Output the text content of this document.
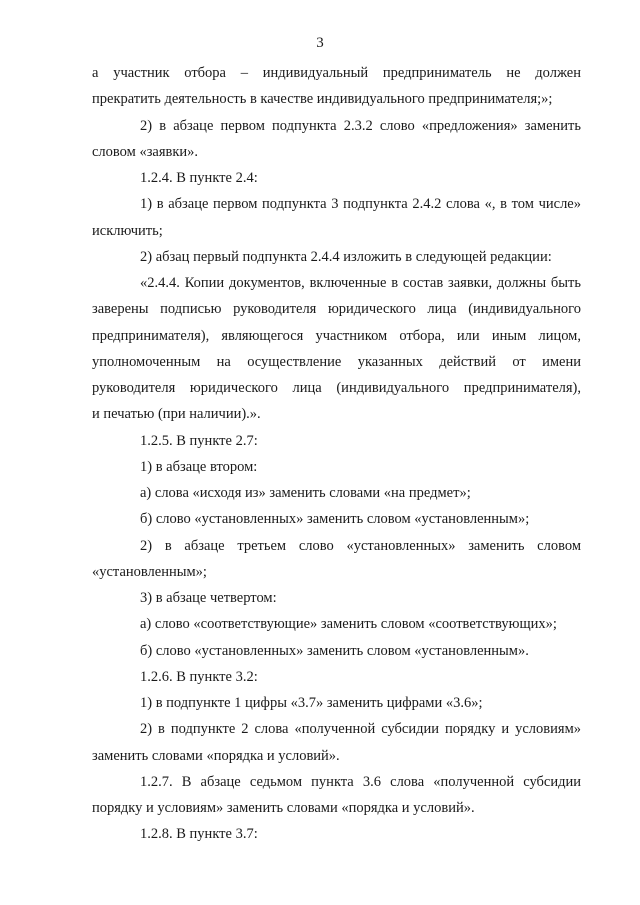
3
а участник отбора – индивидуальный предприниматель не должен
прекратить деятельность в качестве индивидуального предпринимателя;»;
2) в абзаце первом подпункта 2.3.2 слово «предложения» заменить
словом «заявки».
1.2.4. В пункте 2.4:
1) в абзаце первом подпункта 3 подпункта 2.4.2 слова «, в том числе»
исключить;
2) абзац первый подпункта 2.4.4 изложить в следующей редакции:
«2.4.4. Копии документов, включенные в состав заявки, должны быть
заверены подписью руководителя юридического лица (индивидуального
предпринимателя), являющегося участником отбора, или иным лицом,
уполномоченным на осуществление указанных действий от имени
руководителя юридического лица (индивидуального предпринимателя),
и печатью (при наличии).».
1.2.5. В пункте 2.7:
1) в абзаце втором:
а) слова «исходя из» заменить словами «на предмет»;
б) слово «установленных» заменить словом «установленным»;
2) в абзаце третьем слово «установленных» заменить словом
«установленным»;
3) в абзаце четвертом:
а) слово «соответствующие» заменить словом «соответствующих»;
б) слово «установленных» заменить словом «установленным».
1.2.6. В пункте 3.2:
1) в подпункте 1 цифры «3.7» заменить цифрами «3.6»;
2) в подпункте 2 слова «полученной субсидии порядку и условиям»
заменить словами «порядка и условий».
1.2.7. В абзаце седьмом пункта 3.6 слова «полученной субсидии
порядку и условиям» заменить словами «порядка и условий».
1.2.8. В пункте 3.7:
